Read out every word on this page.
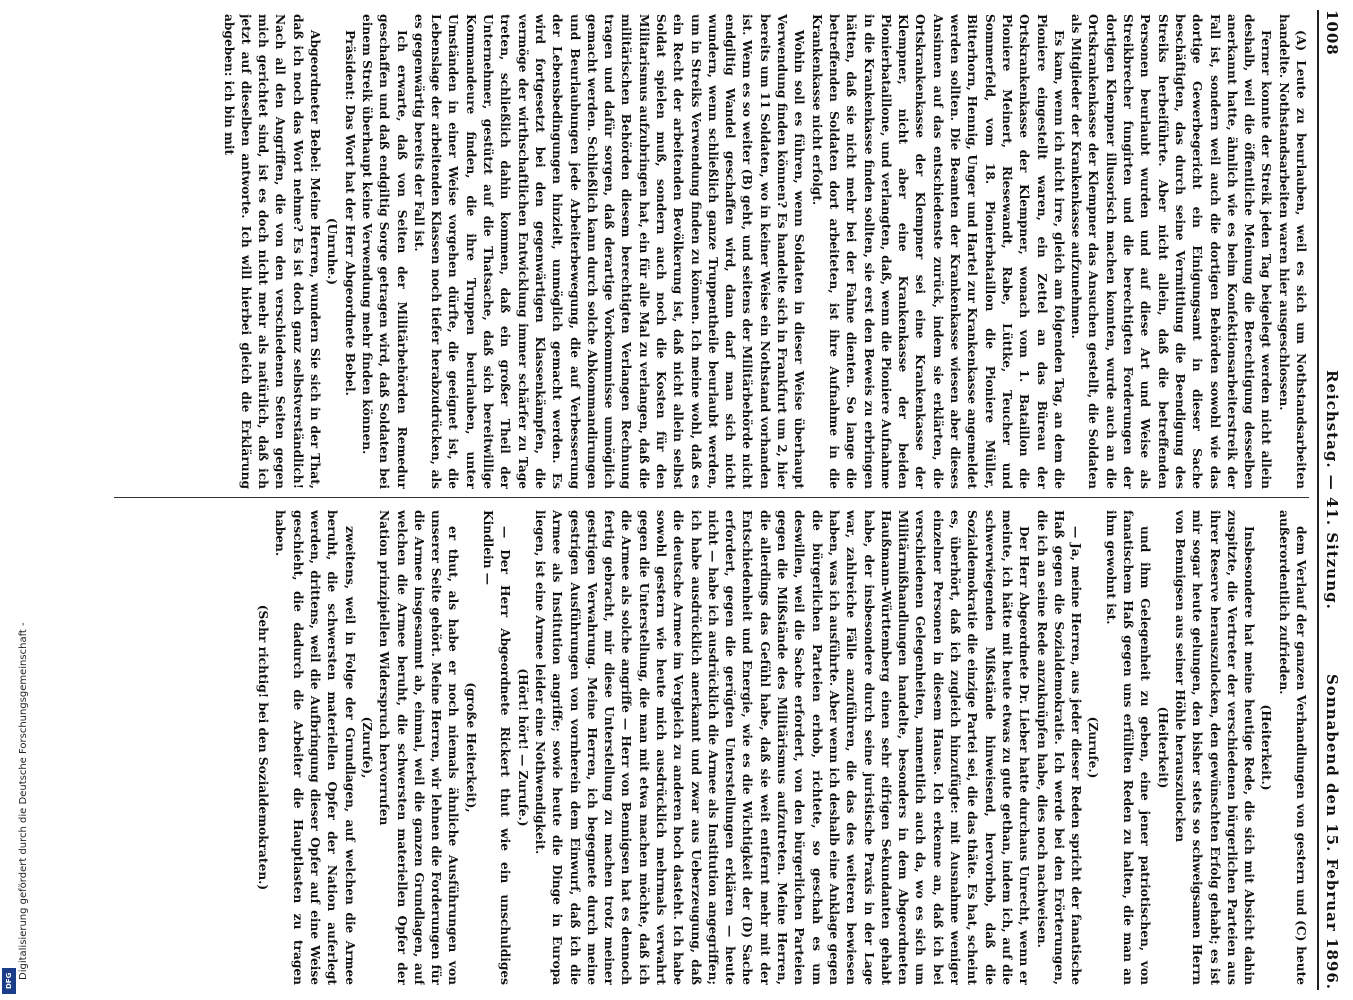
1008
Reichstag. — 41. Sitzung.
Sonnabend den 15. Februar 1896.

(A) Leute zu beurlauben, weil es sich um Nothstandsarbeiten handelte. Nothstandsarbeiten waren hier ausgeschlossen.

Ferner konnte der Streik jeden Tag beigelegt werden nicht allein deshalb, weil die öffentliche Meinung die Berechtigung desselben anerkannt hatte, ähnlich wie es beim Konfektionsarbeiterstreik der Fall ist, sondern weil auch die dortigen Behörden sowohl wie das dortige Gewerbegericht ein Einigungsamt in dieser Sache beschäftigten, das durch seine Vermittlung die Beendigung des Streiks herbeiführte. Aber nicht allein, daß die betreffenden Personen beurlaubt wurden und auf diese Art und Weise als Streikbrecher fungirten und die berechtigten Forderungen der dortigen Klempner illusorisch machen konnten, wurde auch an die Ortskrankenkasse der Klempner das Ansuchen gestellt, die Soldaten als Mitglieder der Krankenkasse aufzunehmen.

Es kam, wenn ich nicht irre, gleich am folgenden Tag, an dem die Pioniere eingestellt waren, ein Zettel an das Büreau der Ortskrankenkasse der Klempner, wonach vom 1. Bataillon die Pioniere Meinert, Riesewandt, Rabe, Lüttke, Teucher und Sommerfeld, vom 18. Pionierbataillon die Pioniere Müller, Bitterhorn, Hennig, Unger und Hartel zur Krankenkasse angemeldet werden sollten. Die Beamten der Krankenkasse wiesen aber dieses Ansinnen auf das entschiedenste zurück, indem sie erklärten, die Ortskrankenkasse der Klempner sei eine Krankenkasse der Klempner, nicht aber eine Krankenkasse der beiden Pionierbataillone, und verlangten, daß, wenn die Pioniere Aufnahme in die Krankenkasse finden sollten, sie erst den Beweis zu erbringen hätten, daß sie nicht mehr bei der Fahne dienten. So lange die betreffenden Soldaten dort arbeiteten, ist ihre Aufnahme in die Krankenkasse nicht erfolgt.

Wohin soll es führen, wenn Soldaten in dieser Weise überhaupt Verwendung finden können? Es handelte sich in Frankfurt um 2, hier bereits um 11 Soldaten, wo in keiner Weise ein Nothstand vorhanden ist. Wenn es so weiter (B) geht, und seitens der Militärbehörde nicht endgiltig Wandel geschaffen wird, dann darf man sich nicht wundern, wenn schließlich ganze Truppentheile beurlaubt werden, um in Streiks Verwendung finden zu können. Ich meine wohl, daß es ein Recht der arbeitenden Bevölkerung ist, daß nicht allein selbst Soldat spielen muß, sondern auch noch die Kosten für den Militarismus aufzubringen hat, ein für alle Mal zu verlangen, daß die militärischen Behörden diesem berechtigten Verlangen Rechnung tragen und dafür sorgen, daß derartige Vorkommnisse unmöglich gemacht werden. Schließlich kann durch solche Abkommandirungen und Beurlaubungen jede Arbeiterbewegung, die auf Verbesserung der Lebensbedingungen hinzielt, unmöglich gemacht werden. Es wird fortgesetzt bei den gegenwärtigen Klassenkämpfen, die vermöge der wirthschaftlichen Entwicklung immer schärfer zu Tage treten, schließlich dahin kommen, daß ein großer Theil der Unternehmer, gestützt auf die Thatsache, daß sich bereitwillige Kommandeure finden, die ihre Truppen beurlauben, unter Umständen in einer Weise vorgehen dürfte, die geeignet ist, die Lebenslage der arbeitenden Klassen noch tiefer herabzudrücken, als es gegenwärtig bereits der Fall ist.

Ich erwarte, daß von Seiten der Militärbehörden Remedur geschaffen und daß endgiltig Sorge getragen wird, daß Soldaten bei einem Streik überhaupt keine Verwendung mehr finden können.

Präsident: Das Wort hat der Herr Abgeordnete Bebel.

(Unruhe.)

Abgeordneter Bebel: Meine Herren, wundern Sie sich in der That, daß ich noch das Wort nehme? Es ist doch ganz selbstverständlich! Nach all den Angriffen, die von den verschiedenen Seiten gegen mich gerichtet sind, ist es doch nicht mehr als natürlich, daß ich jetzt auf dieselben antworte. Ich will hierbei gleich die Erklärung abgeben: ich bin mit

dem Verlauf der ganzen Verhandlungen von gestern und (C) heute außerordentlich zufrieden.

(Heiterkeit.)

Insbesondere hat meine heutige Rede, die sich mit Absicht dahin zuspitzte, die Vertreter der verschiedenen bürgerlichen Parteien aus ihrer Reserve herauszulocken, den gewünschten Erfolg gehabt; es ist mir sogar heute gelungen, den bisher stets so schweigsamen Herrn von Bennigsen aus seiner Höhle herauszulocken

(Heiterkeit)

und ihm Gelegenheit zu geben, eine jener patriotischen, von fanatischem Haß gegen uns erfüllten Reden zu halten, die man an ihm gewohnt ist.

(Zurufe.)

— Ja, meine Herren, aus jeder dieser Reden spricht der fanatische Haß gegen die Sozialdemokratie. Ich werde bei den Erörterungen, die ich an seine Rede anzuknüpfen habe, dies noch nachweisen.

Der Herr Abgeordnete Dr. Lieber hatte durchaus Unrecht, wenn er meinte, ich hätte mit heute etwas zu gute gethan, indem ich, auf die schwerwiegenden Mißstände hinweisend, hervorhob, daß die Sozialdemokratie die einzige Partei sei, die das thäte. Es hat, scheint es, überhört, daß ich zugleich hinzufügte: mit Ausnahme weniger einzelner Personen in diesem Hause. Ich erkenne an, daß ich bei verschiedenen Gelegenheiten, namentlich auch da, wo es sich um Militärmißhandlungen handelte, besonders in dem Abgeordneten Haußmann-Württemberg einen sehr eifrigen Sekundanten gehabt habe, der insbesondere durch seine juristische Praxis in der Lage war, zahlreiche Fälle anzuführen, die das des weiteren bewiesen haben, was ich ausführte. Aber wenn ich deshalb eine Anklage gegen die bürgerlichen Parteien erhob, richtete, so geschah es um deswillen, weil die Sache erfordert, von den bürgerlichen Parteien gegen die Mißstände des Militärismus aufzutreten. Meine Herren, die allerdings das Gefühl habe, daß sie weit entfernt mehr mit der Entschiedenheit und Energie, wie es die Wichtigkeit der (D) Sache erfordert, gegen die gerügten Unterstellungen erklären — heute nicht — habe ich ausdrücklich die Armee als Institution angegriffen; ich habe ausdrücklich anerkannt und zwar aus Ueberzeugung, daß die deutsche Armee im Vergleich zu anderen hoch dasteht. Ich habe sowohl gestern wie heute mich ausdrücklich mehrmals verwahrt gegen die Unterstellung, die man mit etwa machen möchte, daß ich die Armee als solche angriffe — Herr von Bennigsen hat es dennoch fertig gebracht, mir diese Unterstellung zu machen trotz meiner gestrigen Verwahrung. Meine Herren, ich begegnete durch meine gestrigen Ausführungen von vornherein dem Einwurf, daß ich die Armee als Institution angriffe; sowie heute die Dinge in Europa liegen, ist eine Armee leider eine Nothwendigkeit.

(Hört! hört! — Zurufe.)

— Der Herr Abgeordnete Rickert thut wie ein unschuldiges Kindlein —

(große Heiterkeit),

er thut, als habe er noch niemals ähnliche Ausführungen von unserer Seite gehört. Meine Herren, wir lehnen die Forderungen für die Armee insgesammt ab, einmal, weil die ganzen Grundlagen, auf welchen die Armee beruht, die schwersten materiellen Opfer der Nation prinzipiellen Widerspruch hervorrufen

(Zurufe),

zweitens, weil in Folge der Grundlagen, auf welchen die Armee beruht, die schwersten materiellen Opfer der Nation auferlegt werden, drittens, weil die Aufbringung dieser Opfer auf eine Weise geschieht, die dadurch die Arbeiter die Hauptlasten zu tragen haben.

(Sehr richtig! bei den Sozialdemokraten.)

Digitalisierung gefördert durch die Deutsche Forschungsgemeinschaft -
DFG
